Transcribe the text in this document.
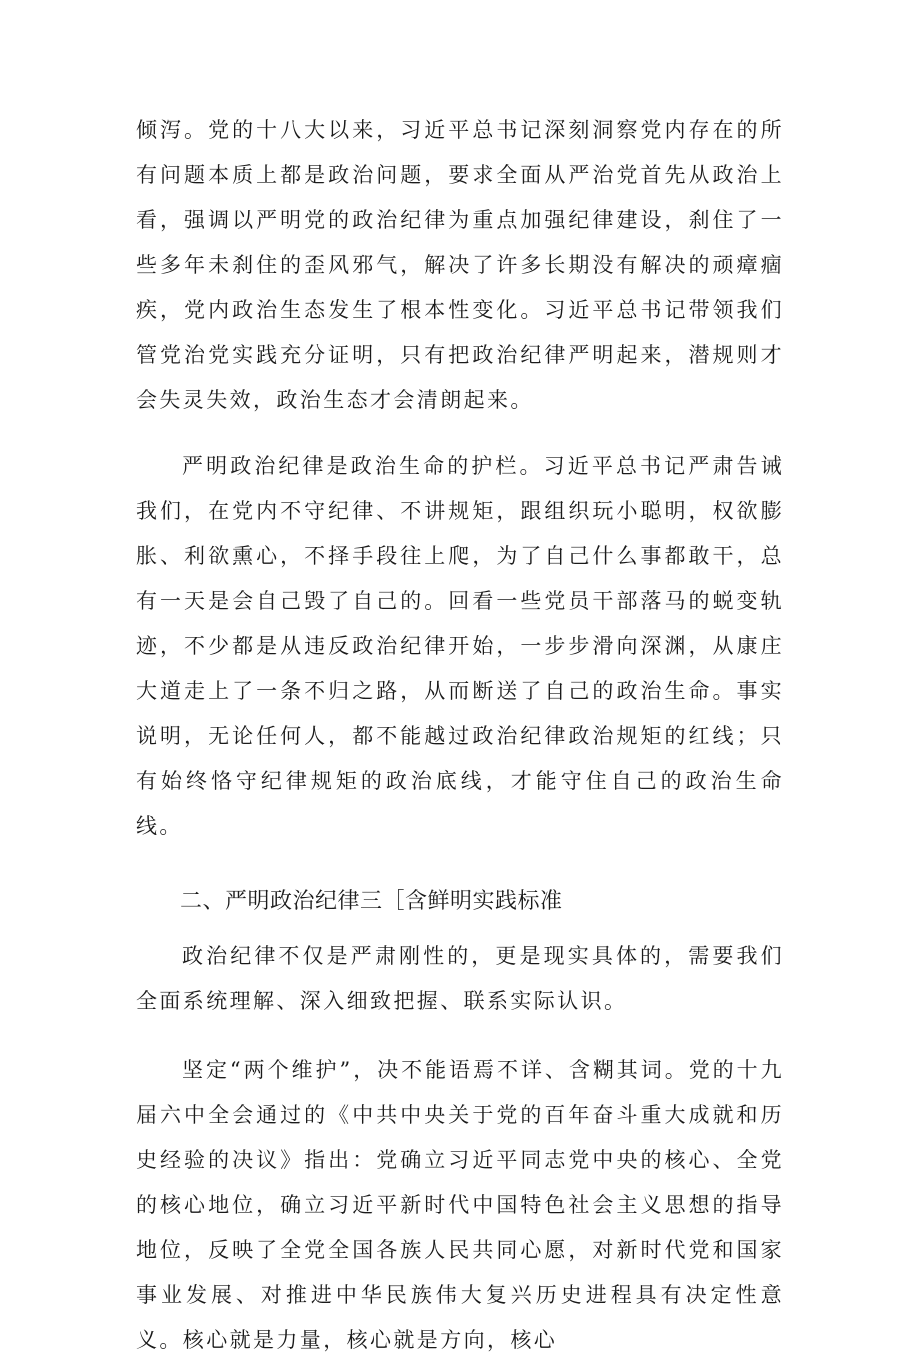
倾泻。党的十八大以来，习近平总书记深刻洞察党内存在的所有问题本质上都是政治问题，要求全面从严治党首先从政治上看，强调以严明党的政治纪律为重点加强纪律建设，刹住了一些多年未刹住的歪风邪气，解决了许多长期没有解决的顽瘴痼疾，党内政治生态发生了根本性变化。习近平总书记带领我们管党治党实践充分证明，只有把政治纪律严明起来，潜规则才会失灵失效，政治生态才会清朗起来。

严明政治纪律是政治生命的护栏。习近平总书记严肃告诫我们，在党内不守纪律、不讲规矩，跟组织玩小聪明，权欲膨胀、利欲熏心，不择手段往上爬，为了自己什么事都敢干，总有一天是会自己毁了自己的。回看一些党员干部落马的蜕变轨迹，不少都是从违反政治纪律开始，一步步滑向深渊，从康庄大道走上了一条不归之路，从而断送了自己的政治生命。事实说明，无论任何人，都不能越过政治纪律政治规矩的红线；只有始终恪守纪律规矩的政治底线，才能守住自己的政治生命线。

二、严明政治纪律三［含鲜明实践标准

政治纪律不仅是严肃刚性的，更是现实具体的，需要我们全面系统理解、深入细致把握、联系实际认识。

坚定“两个维护”，决不能语焉不详、含糊其词。党的十九届六中全会通过的《中共中央关于党的百年奋斗重大成就和历史经验的决议》指出：党确立习近平同志党中央的核心、全党的核心地位，确立习近平新时代中国特色社会主义思想的指导地位，反映了全党全国各族人民共同心愿，对新时代党和国家事业发展、对推进中华民族伟大复兴历史进程具有决定性意义。核心就是力量，核心就是方向，核心
